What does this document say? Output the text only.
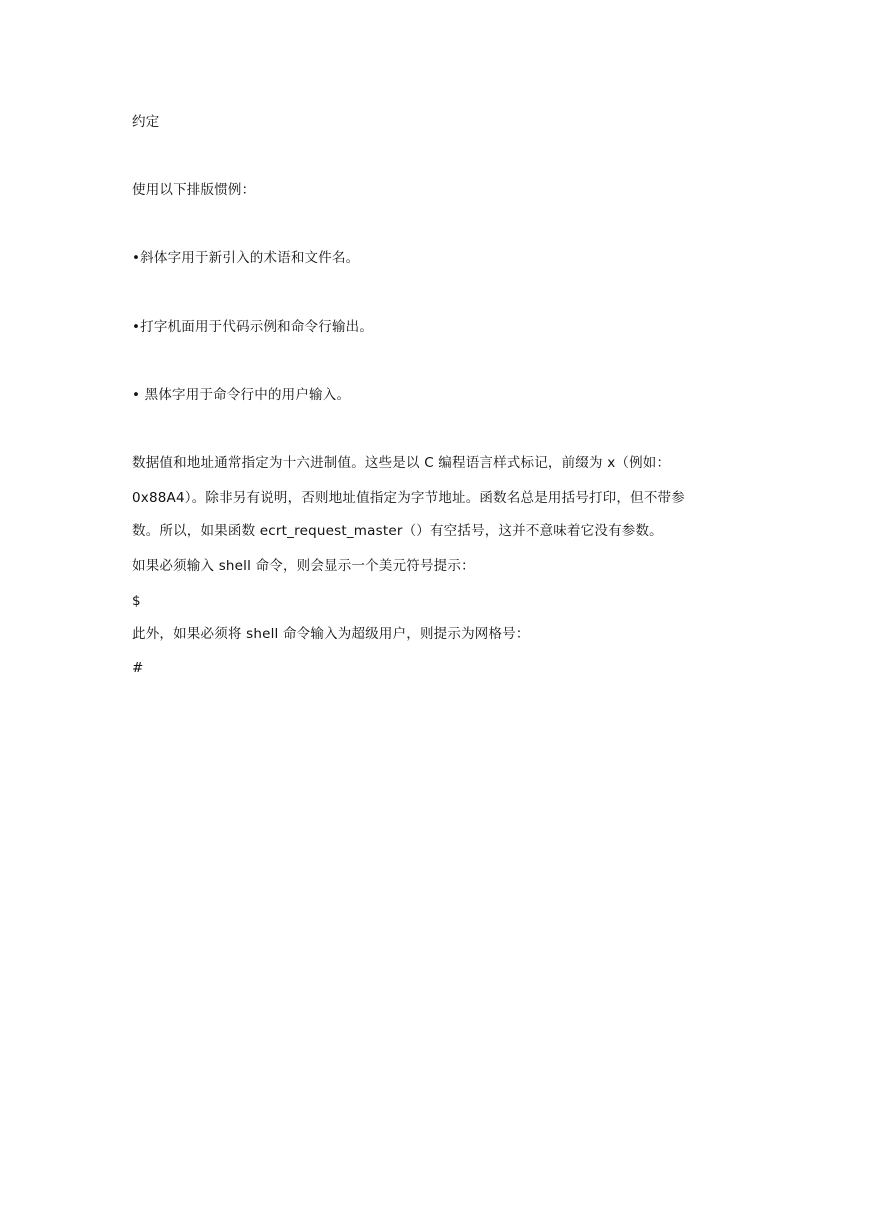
约定
使用以下排版惯例：
•斜体字用于新引入的术语和文件名。
•打字机面用于代码示例和命令行输出。
• 黑体字用于命令行中的用户输入。
数据值和地址通常指定为十六进制值。这些是以 C 编程语言样式标记，前缀为 x（例如：
0x88A4）。除非另有说明，否则地址值指定为字节地址。函数名总是用括号打印，但不带参
数。所以，如果函数 ecrt_request_master（）有空括号，这并不意味着它没有参数。
如果必须输入 shell 命令，则会显示一个美元符号提示：
$
此外，如果必须将 shell 命令输入为超级用户，则提示为网格号：
#
